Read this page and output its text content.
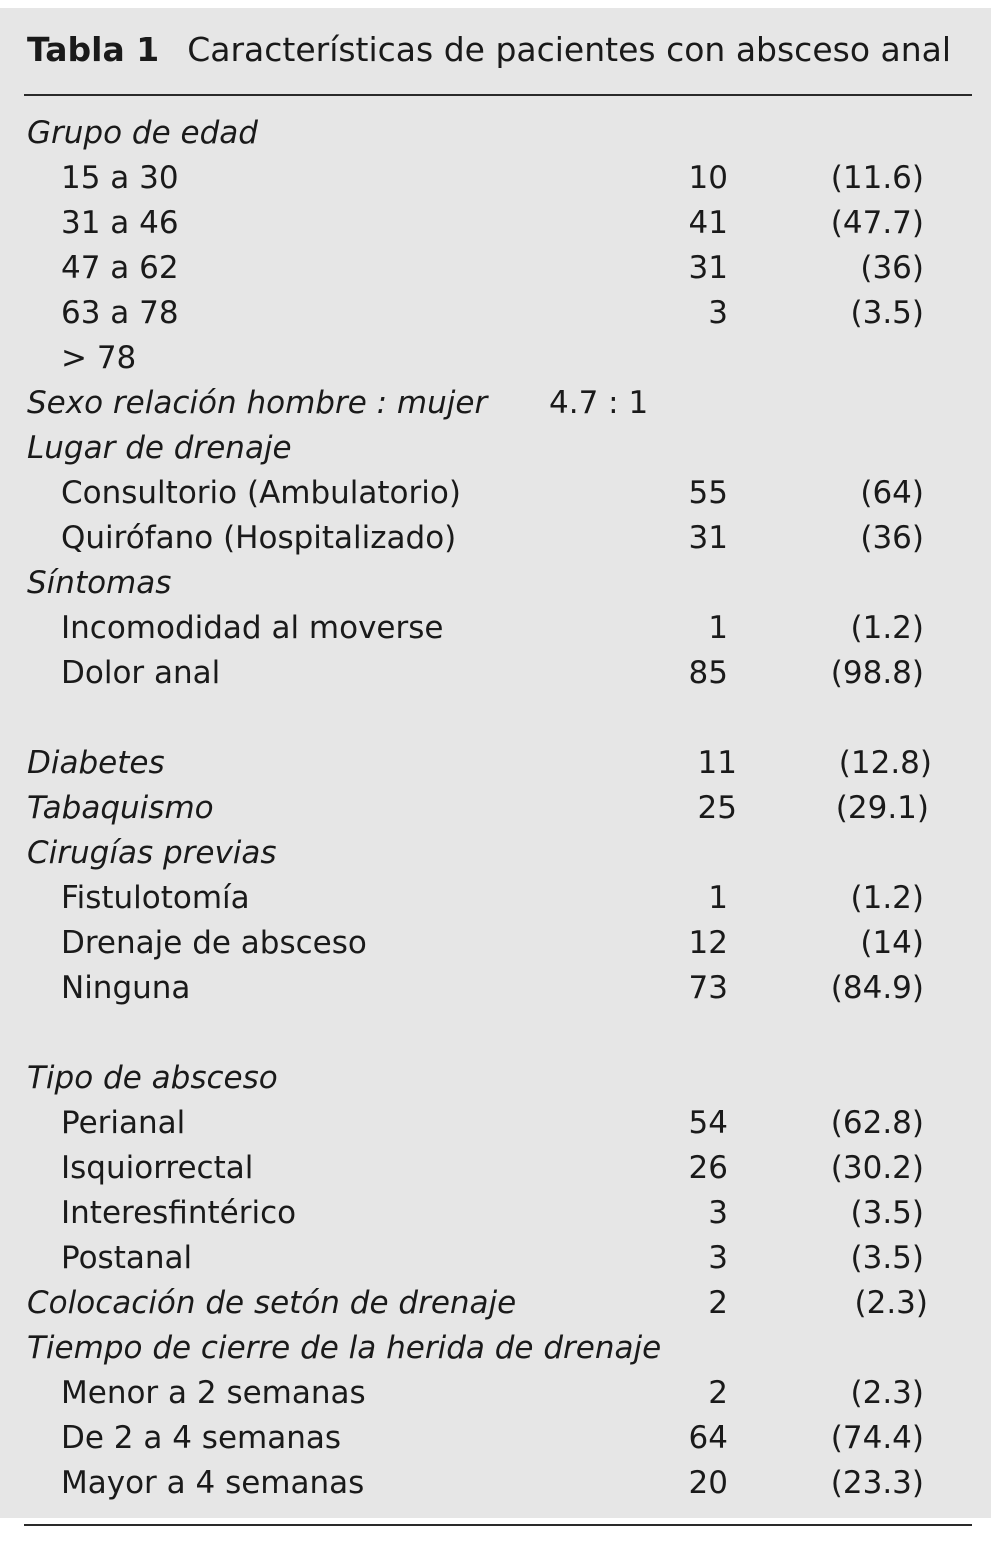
Tabla 1 Características de pacientes con absceso anal
Grupo de edad
15 a 30	10	(11.6)
31 a 46	41	(47.7)
47 a 62	31	(36)
63 a 78	3	(3.5)
> 78
Sexo relación hombre : mujer 4.7 : 1
Lugar de drenaje
Consultorio (Ambulatorio)	55	(64)
Quirófano (Hospitalizado)	31	(36)
Síntomas
Incomodidad al moverse	1	(1.2)
Dolor anal	85	(98.8)
Diabetes	11	(12.8)
Tabaquismo	25	(29.1)
Cirugías previas
Fistulotomía	1	(1.2)
Drenaje de absceso	12	(14)
Ninguna	73	(84.9)
Tipo de absceso
Perianal	54	(62.8)
Isquiorrectal	26	(30.2)
Interesfintérico	3	(3.5)
Postanal	3	(3.5)
Colocación de setón de drenaje	2	(2.3)
Tiempo de cierre de la herida de drenaje
Menor a 2 semanas	2	(2.3)
De 2 a 4 semanas	64	(74.4)
Mayor a 4 semanas	20	(23.3)
